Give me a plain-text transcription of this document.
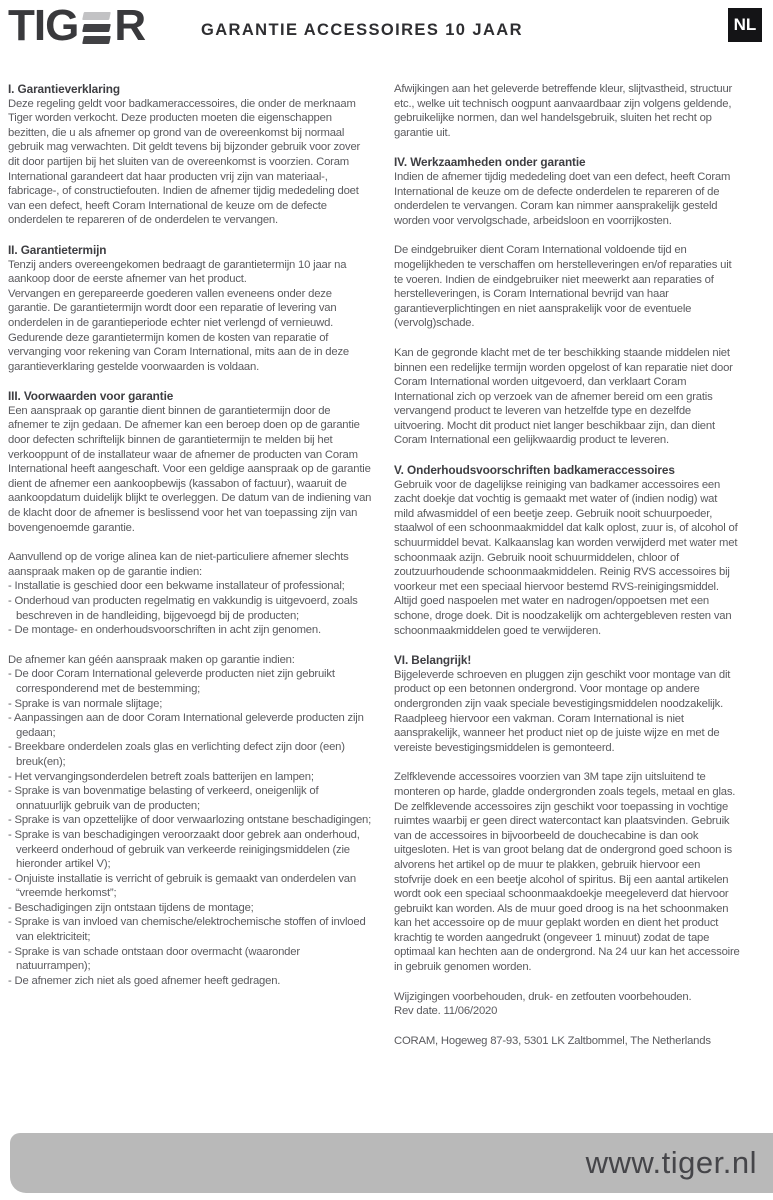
TIG R	GARANTIE ACCESSOIRES 10 JAAR	NL
I. Garantieverklaring

Deze regeling geldt voor badkameraccessoires, die onder de merknaam Tiger worden verkocht. Deze producten moeten die eigenschappen bezitten, die u als afnemer op grond van de overeenkomst bij normaal gebruik mag verwachten. Dit geldt tevens bij bijzonder gebruik voor zover dit door partijen bij het sluiten van de overeenkomst is voorzien. Coram International garandeert dat haar producten vrij zijn van materiaal-, fabricage-, of constructiefouten. Indien de afnemer tijdig mededeling doet van een defect, heeft Coram International de keuze om de defecte onderdelen te repareren of de onderdelen te vervangen.

II. Garantietermijn

Tenzij anders overeengekomen bedraagt de garantietermijn 10 jaar na aankoop door de eerste afnemer van het product.

Vervangen en gerepareerde goederen vallen eveneens onder deze garantie. De garantietermijn wordt door een reparatie of levering van onderdelen in de garantieperiode echter niet verlengd of vernieuwd.

Gedurende deze garantietermijn komen de kosten van reparatie of vervanging voor rekening van Coram International, mits aan de in deze garantieverklaring gestelde voorwaarden is voldaan.

III. Voorwaarden voor garantie

Een aanspraak op garantie dient binnen de garantietermijn door de afnemer te zijn gedaan. De afnemer kan een beroep doen op de garantie door defecten schriftelijk binnen de garantietermijn te melden bij het verkooppunt of de installateur waar de afnemer de producten van Coram International heeft aangeschaft. Voor een geldige aanspraak op de garantie dient de afnemer een aankoopbewijs (kassabon of factuur), waaruit de aankoopdatum duidelijk blijkt te overleggen. De datum van de indiening van de klacht door de afnemer is beslissend voor het van toepassing zijn van bovengenoemde garantie.

Aanvullend op de vorige alinea kan de niet-particuliere afnemer slechts aanspraak maken op de garantie indien:

- Installatie is geschied door een bekwame installateur of professional;
- Onderhoud van producten regelmatig en vakkundig is uitgevoerd, zoals beschreven in de handleiding, bijgevoegd bij de producten;
- De montage- en onderhoudsvoorschriften in acht zijn genomen.

De afnemer kan géén aanspraak maken op garantie indien:

- De door Coram International geleverde producten niet zijn gebruikt corresponderend met de bestemming;
- Sprake is van normale slijtage;
- Aanpassingen aan de door Coram International geleverde producten zijn gedaan;
- Breekbare onderdelen zoals glas en verlichting defect zijn door (een) breuk(en);
- Het vervangingsonderdelen betreft zoals batterijen en lampen;
- Sprake is van bovenmatige belasting of verkeerd, oneigenlijk of onnatuurlijk gebruik van de producten;
- Sprake is van opzettelijke of door verwaarlozing ontstane beschadigingen;
- Sprake is van beschadigingen veroorzaakt door gebrek aan onderhoud, verkeerd onderhoud of gebruik van verkeerde reinigingsmiddelen (zie hieronder artikel V);
- Onjuiste installatie is verricht of gebruik is gemaakt van onderdelen van “vreemde herkomst”;
- Beschadigingen zijn ontstaan tijdens de montage;
- Sprake is van invloed van chemische/elektrochemische stoffen of invloed van elektriciteit;
- Sprake is van schade ontstaan door overmacht (waaronder natuurrampen);
- De afnemer zich niet als goed afnemer heeft gedragen.

Afwijkingen aan het geleverde betreffende kleur, slijtvastheid, structuur etc., welke uit technisch oogpunt aanvaardbaar zijn volgens geldende, gebruikelijke normen, dan wel handelsgebruik, sluiten het recht op garantie uit.

IV. Werkzaamheden onder garantie

Indien de afnemer tijdig mededeling doet van een defect, heeft Coram International de keuze om de defecte onderdelen te repareren of de onderdelen te vervangen. Coram kan nimmer aansprakelijk gesteld worden voor vervolgschade, arbeidsloon en voorrijkosten.

De eindgebruiker dient Coram International voldoende tijd en mogelijkheden te verschaffen om herstelleveringen en/of reparaties uit te voeren. Indien de eindgebruiker niet meewerkt aan reparaties of herstelleveringen, is Coram International bevrijd van haar garantieverplichtingen en niet aansprakelijk voor de eventuele (vervolg)schade.

Kan de gegronde klacht met de ter beschikking staande middelen niet binnen een redelijke termijn worden opgelost of kan reparatie niet door Coram International worden uitgevoerd, dan verklaart Coram International zich op verzoek van de afnemer bereid om een gratis vervangend product te leveren van hetzelfde type en dezelfde uitvoering. Mocht dit product niet langer beschikbaar zijn, dan dient Coram International een gelijkwaardig product te leveren.

V. Onderhoudsvoorschriften badkameraccessoires

Gebruik voor de dagelijkse reiniging van badkamer accessoires een zacht doekje dat vochtig is gemaakt met water of (indien nodig) wat mild afwasmiddel of een beetje zeep. Gebruik nooit schuurpoeder, staalwol of een schoonmaakmiddel dat kalk oplost, zuur is, of alcohol of schuurmiddel bevat. Kalkaanslag kan worden verwijderd met water met schoonmaak azijn. Gebruik nooit schuurmiddelen, chloor of zoutzuurhoudende schoonmaakmiddelen. Reinig RVS accessoires bij voorkeur met een speciaal hiervoor bestemd RVS-reinigingsmiddel. Altijd goed naspoelen met water en nadrogen/oppoetsen met een schone, droge doek. Dit is noodzakelijk om achtergebleven resten van schoonmaakmiddelen goed te verwijderen.

VI. Belangrijk!

Bijgeleverde schroeven en pluggen zijn geschikt voor montage van dit product op een betonnen ondergrond. Voor montage op andere ondergronden zijn vaak speciale bevestigingsmiddelen noodzakelijk. Raadpleeg hiervoor een vakman. Coram International is niet aansprakelijk, wanneer het product niet op de juiste wijze en met de vereiste bevestigingsmiddelen is gemonteerd.

Zelfklevende accessoires voorzien van 3M tape zijn uitsluitend te monteren op harde, gladde ondergronden zoals tegels, metaal en glas. De zelfklevende accessoires zijn geschikt voor toepassing in vochtige ruimtes waarbij er geen direct watercontact kan plaatsvinden. Gebruik van de accessoires in bijvoorbeeld de douchecabine is dan ook uitgesloten. Het is van groot belang dat de ondergrond goed schoon is alvorens het artikel op de muur te plakken, gebruik hiervoor een stofvrije doek en een beetje alcohol of spiritus. Bij een aantal artikelen wordt ook een speciaal schoonmaakdoekje meegeleverd dat hiervoor gebruikt kan worden. Als de muur goed droog is na het schoonmaken kan het accessoire op de muur geplakt worden en dient het product krachtig te worden aangedrukt (ongeveer 1 minuut) zodat de tape optimaal kan hechten aan de ondergrond. Na 24 uur kan het accessoire in gebruik genomen worden.

Wijzigingen voorbehouden, druk- en zetfouten voorbehouden.

Rev date. 11/06/2020

CORAM, Hogeweg 87-93, 5301 LK Zaltbommel, The Netherlands

www.tiger.nl
